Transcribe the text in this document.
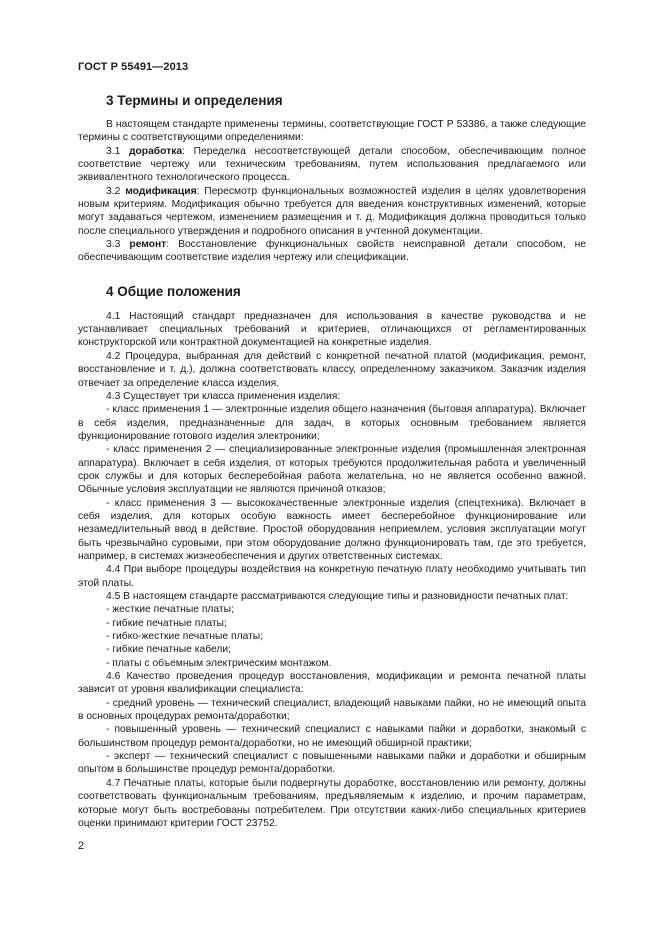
ГОСТ Р 55491—2013
3 Термины и определения

В настоящем стандарте применены термины, соответствующие ГОСТ Р 53386, а также следующие термины с соответствующими определениями:

3.1 доработка: Переделка несоответствующей детали способом, обеспечивающим полное соответствие чертежу или техническим требованиям, путем использования предлагаемого или эквивалентного технологического процесса.

3.2 модификация: Пересмотр функциональных возможностей изделия в целях удовлетворения новым критериям. Модификация обычно требуется для введения конструктивных изменений, которые могут задаваться чертежом, изменением размещения и т. д. Модификация должна проводиться только после специального утверждения и подробного описания в учтенной документации.

3.3 ремонт: Восстановление функциональных свойств неисправной детали способом, не обеспечивающим соответствие изделия чертежу или спецификации.

4 Общие положения

4.1 Настоящий стандарт предназначен для использования в качестве руководства и не устанавливает специальных требований и критериев, отличающихся от регламентированных конструкторской или контрактной документацией на конкретные изделия.

4.2 Процедура, выбранная для действий с конкретной печатной платой (модификация, ремонт, восстановление и т. д.), должна соответствовать классу, определенному заказчиком. Заказчик изделия отвечает за определение класса изделия.

4.3 Существует три класса применения изделия:

- класс применения 1 — электронные изделия общего назначения (бытовая аппаратура). Включает в себя изделия, предназначенные для задач, в которых основным требованием является функционирование готового изделия электроники;

- класс применения 2 — специализированные электронные изделия (промышленная электронная аппаратура). Включает в себя изделия, от которых требуются продолжительная работа и увеличенный срок службы и для которых бесперебойная работа желательна, но не является особенно важной. Обычные условия эксплуатации не являются причиной отказов;

- класс применения 3 — высококачественные электронные изделия (спецтехника). Включает в себя изделия, для которых особую важность имеет бесперебойное функционирование или незамедлительный ввод в действие. Простой оборудования неприемлем, условия эксплуатации могут быть чрезвычайно суровыми, при этом оборудование должно функционировать там, где это требуется, например, в системах жизнеобеспечения и других ответственных системах.

4.4 При выборе процедуры воздействия на конкретную печатную плату необходимо учитывать тип этой платы.

4.5 В настоящем стандарте рассматриваются следующие типы и разновидности печатных плат:

- жесткие печатные платы;

- гибкие печатные платы;

- гибко-жесткие печатные платы;

- гибкие печатные кабели;

- платы с объемным электрическим монтажом.

4.6 Качество проведения процедур восстановления, модификации и ремонта печатной платы зависит от уровня квалификации специалиста:

- средний уровень — технический специалист, владеющий навыками пайки, но не имеющий опыта в основных процедурах ремонта/доработки;

- повышенный уровень — технический специалист с навыками пайки и доработки, знакомый с большинством процедур ремонта/доработки, но не имеющий обширной практики;

- эксперт — технический специалист с повышенными навыками пайки и доработки и обширным опытом в большинстве процедур ремонта/доработки.

4.7 Печатные платы, которые были подвергнуты доработке, восстановлению или ремонту, должны соответствовать функциональным требованиям, предъявляемым к изделию, и прочим параметрам, которые могут быть востребованы потребителем. При отсутствии каких-либо специальных критериев оценки принимают критерии ГОСТ 23752.

2
